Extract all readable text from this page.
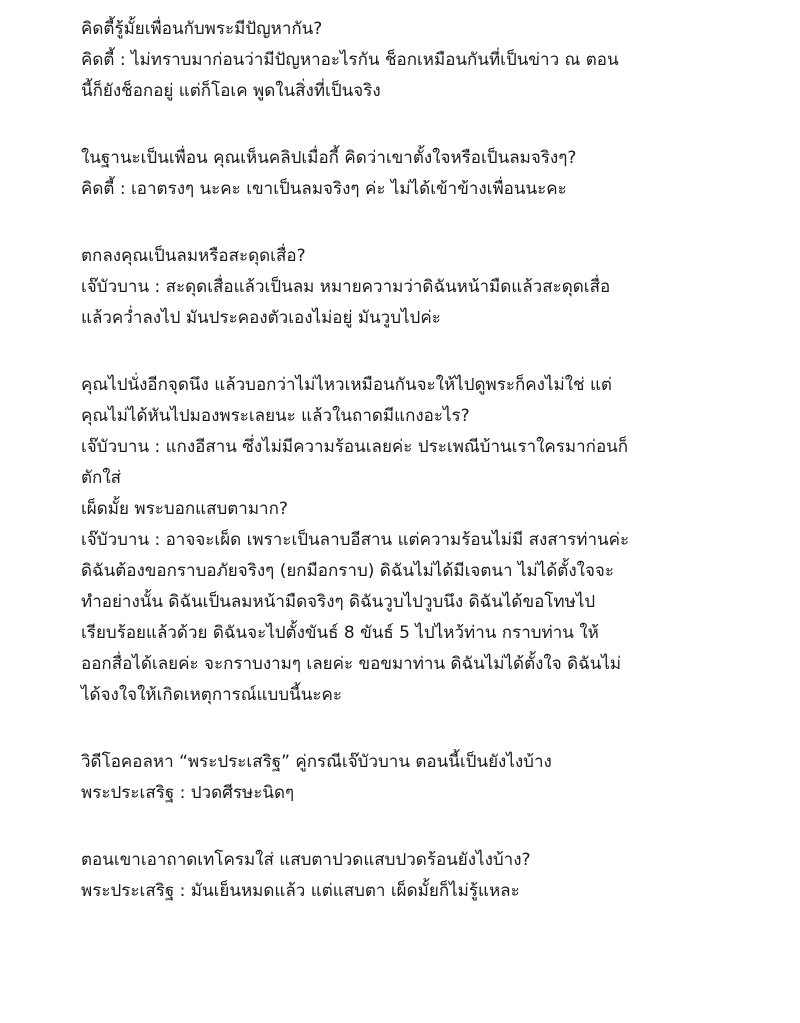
คิดตี้รู้มั้ยเพื่อนกับพระมีปัญหากัน?
คิดตี้ : ไม่ทราบมาก่อนว่ามีปัญหาอะไรกัน ช็อกเหมือนกันที่เป็นข่าว ณ ตอน
นี้ก็ยังช็อกอยู่ แต่ก็โอเค พูดในสิ่งที่เป็นจริง
ในฐานะเป็นเพื่อน คุณเห็นคลิปเมื่อกี้ คิดว่าเขาตั้งใจหรือเป็นลมจริงๆ?
คิดตี้ : เอาตรงๆ นะคะ เขาเป็นลมจริงๆ ค่ะ ไม่ได้เข้าข้างเพื่อนนะคะ
ตกลงคุณเป็นลมหรือสะดุดเสื่อ?
เจ๊บัวบาน : สะดุดเสื่อแล้วเป็นลม หมายความว่าดิฉันหน้ามืดแล้วสะดุดเสื่อ
แล้วคว่ำลงไป มันประคองตัวเองไม่อยู่ มันวูบไปค่ะ
คุณไปนั่งอีกจุดนึง แล้วบอกว่าไม่ไหวเหมือนกันจะให้ไปดูพระก็คงไม่ใช่ แต่
คุณไม่ได้หันไปมองพระเลยนะ แล้วในถาดมีแกงอะไร?
เจ๊บัวบาน : แกงอีสาน ซึ่งไม่มีความร้อนเลยค่ะ ประเพณีบ้านเราใครมาก่อนก็
ตักใส่
เผ็ดมั้ย พระบอกแสบตามาก?
เจ๊บัวบาน : อาจจะเผ็ด เพราะเป็นลาบอีสาน แต่ความร้อนไม่มี สงสารท่านค่ะ
ดิฉันต้องขอกราบอภัยจริงๆ (ยกมือกราบ) ดิฉันไม่ได้มีเจตนา ไม่ได้ตั้งใจจะ
ทำอย่างนั้น ดิฉันเป็นลมหน้ามืดจริงๆ ดิฉันวูบไปวูบนึง ดิฉันได้ขอโทษไป
เรียบร้อยแล้วด้วย ดิฉันจะไปตั้งขันธ์ 8 ขันธ์ 5 ไปไหว้ท่าน กราบท่าน ให้
ออกสื่อได้เลยค่ะ จะกราบงามๆ เลยค่ะ ขอขมาท่าน ดิฉันไม่ได้ตั้งใจ ดิฉันไม่
ได้จงใจให้เกิดเหตุการณ์แบบนี้นะคะ
วิดีโอคอลหา “พระประเสริฐ” คู่กรณีเจ๊บัวบาน ตอนนี้เป็นยังไงบ้าง
พระประเสริฐ : ปวดศีรษะนิดๆ
ตอนเขาเอาถาดเทโครมใส่ แสบตาปวดแสบปวดร้อนยังไงบ้าง?
พระประเสริฐ : มันเย็นหมดแล้ว แต่แสบตา เผ็ดมั้ยก็ไม่รู้แหละ
